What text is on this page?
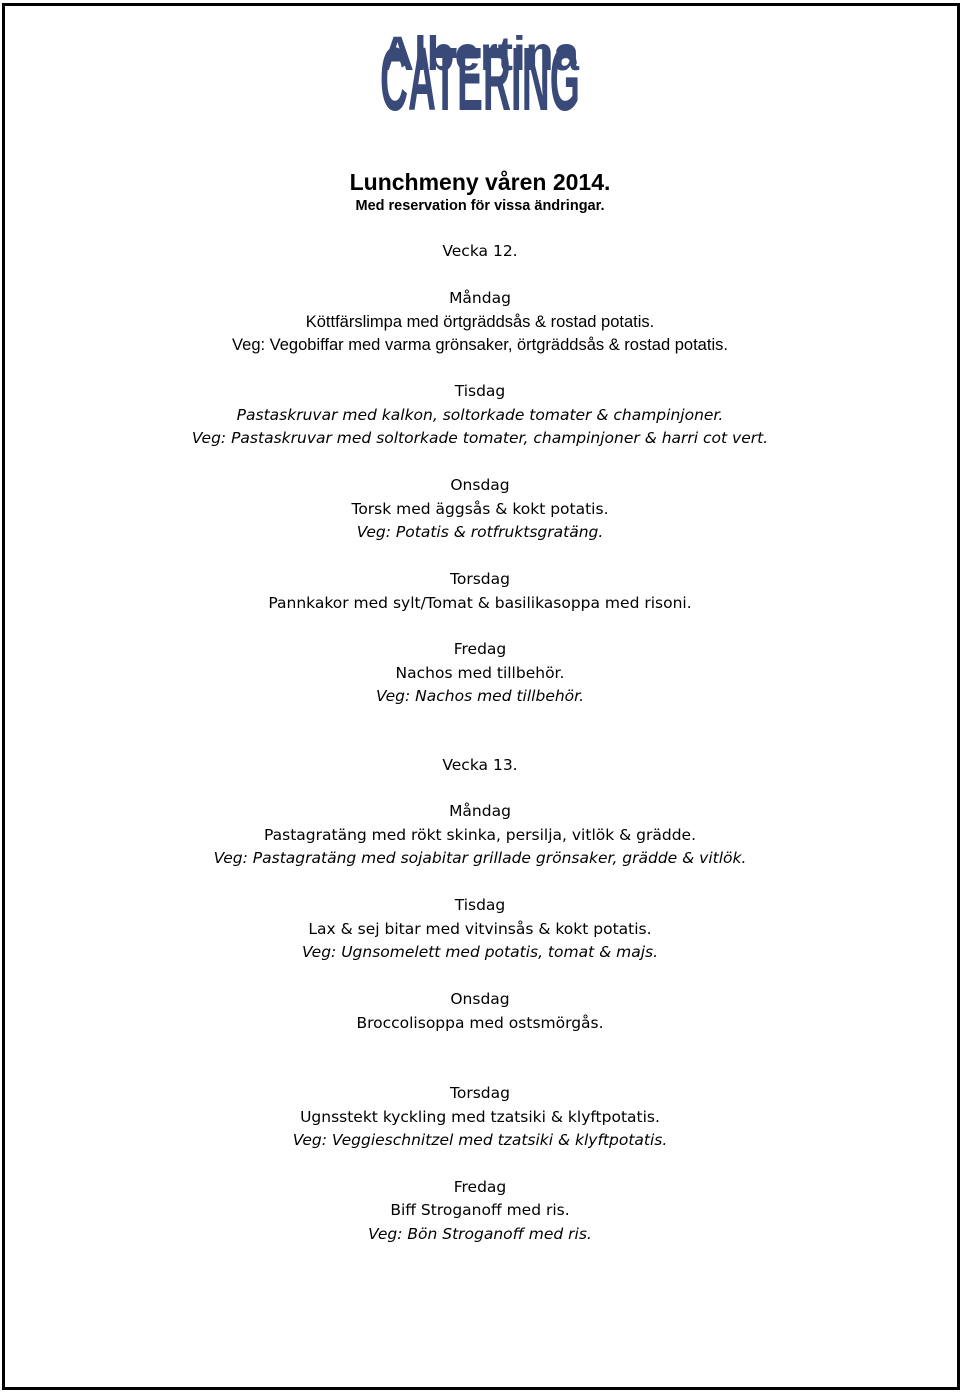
Albertina
CATERING
Lunchmeny våren 2014.
Med reservation för vissa ändringar.
Vecka 12.
Måndag
Köttfärslimpa med örtgräddsås & rostad potatis.
Veg: Vegobiffar med varma grönsaker, örtgräddsås & rostad potatis.
Tisdag
Pastaskruvar med kalkon, soltorkade tomater & champinjoner.
Veg: Pastaskruvar med soltorkade tomater, champinjoner & harri cot vert.
Onsdag
Torsk med äggsås & kokt potatis.
Veg: Potatis & rotfruktsgratäng.
Torsdag
Pannkakor med sylt/Tomat & basilikasoppa med risoni.
Fredag
Nachos med tillbehör.
Veg: Nachos med tillbehör.
Vecka 13.
Måndag
Pastagratäng med rökt skinka, persilja, vitlök & grädde.
Veg: Pastagratäng med sojabitar grillade grönsaker, grädde & vitlök.
Tisdag
Lax & sej bitar med vitvinsås & kokt potatis.
Veg: Ugnsomelett med potatis, tomat & majs.
Onsdag
Broccolisoppa med ostsmörgås.
Torsdag
Ugnsstekt kyckling med tzatsiki & klyftpotatis.
Veg: Veggieschnitzel med tzatsiki & klyftpotatis.
Fredag
Biff Stroganoff med ris.
Veg: Bön Stroganoff med ris.
